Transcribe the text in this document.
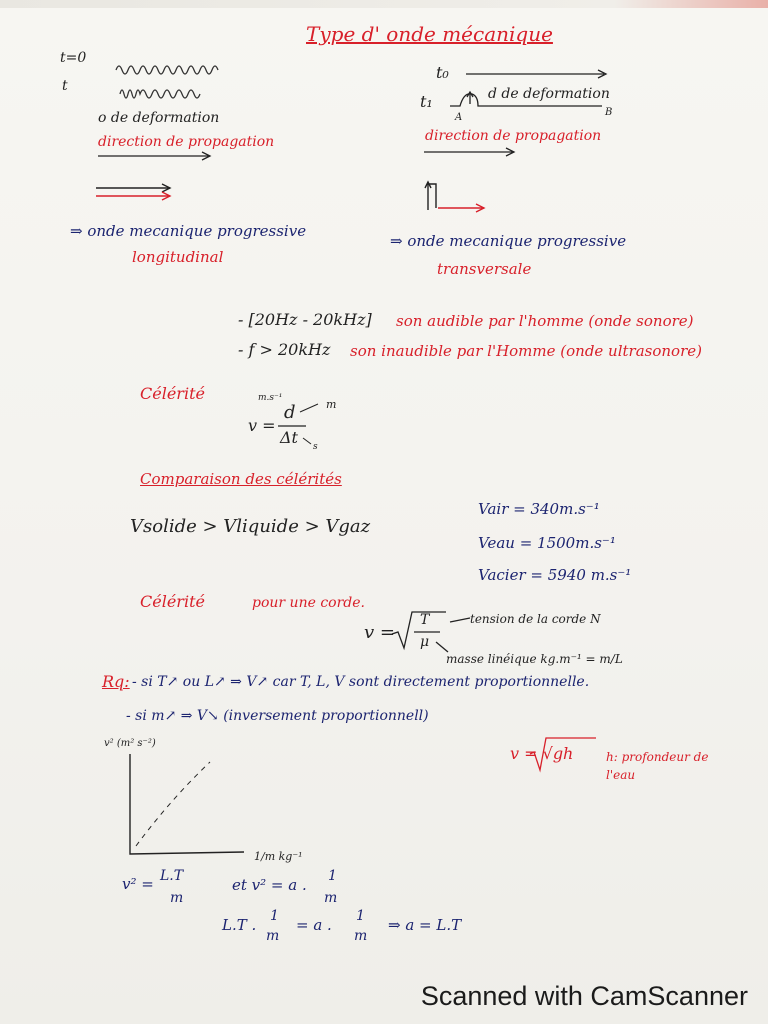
Type d' onde mécanique
t=0
t
o de deformation
direction de propagation
⇒ onde mecanique progressive
longitudinal
t₀
t₁	d de deformation
A	B
direction de propagation
⇒ onde mecanique progressive
transversale
- [20Hz - 20kHz] son audible par l'homme (onde sonore)
- f > 20kHz son inaudible par l'Homme (onde ultrasonore)
Célérité
v =
d
Δt
m.s⁻¹	m
s
Comparaison des célérités
Vsolide > Vliquide > Vgaz
Vair = 340m.s⁻¹
Veau = 1500m.s⁻¹
Vacier = 5940 m.s⁻¹
Célérité	pour une corde.
v =
T
μ
tension de la corde N
masse linéique kg.m⁻¹ = m/L
Rq: - si T↗ ou L↗ ⇒ V↗ car T, L, V sont directement proportionnelle.
- si m↗ ⇒ V↘ (inversement proportionnell)
v = √gh	h: profondeur de l'eau
v² (m² s⁻²)
1/m kg⁻¹
v² = L.T
m
et v² = a . 1
m
L.T . 1
m
= a . 1
m
⇒ a = L.T
Scanned with CamScanner
